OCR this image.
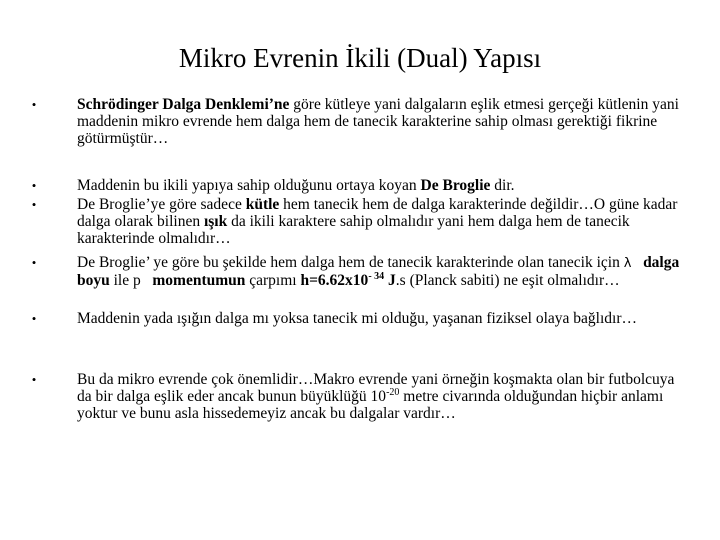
Mikro Evrenin İkili (Dual) Yapısı
•	Schrödinger Dalga Denklemi’ne göre kütleye yani dalgaların eşlik etmesi gerçeği kütlenin yani maddenin mikro evrende hem dalga hem de tanecik karakterine sahip olması gerektiği fikrine götürmüştür…
•	Maddenin bu ikili yapıya sahip olduğunu ortaya koyan De Broglie dir.
•	De Broglie’ye göre sadece kütle hem tanecik hem de dalga karakterinde değildir…O güne kadar dalga olarak bilinen ışık da ikili karaktere sahip olmalıdır yani hem dalga hem de tanecik karakterinde olmalıdır…
•	De Broglie’ ye göre bu şekilde hem dalga hem de tanecik karakterinde olan tanecik için λ dalga boyu ile p momentumun çarpımı $h=6.62x10^{- 34}$ J.s (Planck sabiti) ne eşit olmalıdır…
•	Maddenin yada ışığın dalga mı yoksa tanecik mi olduğu, yaşanan fiziksel olaya bağlıdır…
•	Bu da mikro evrende çok önemlidir…Makro evrende yani örneğin koşmakta olan bir futbolcuya da bir dalga eşlik eder ancak bunun büyüklüğü $10^{-20}$ metre civarında olduğundan hiçbir anlamı yoktur ve bunu asla hissedemeyiz ancak bu dalgalar vardır…
